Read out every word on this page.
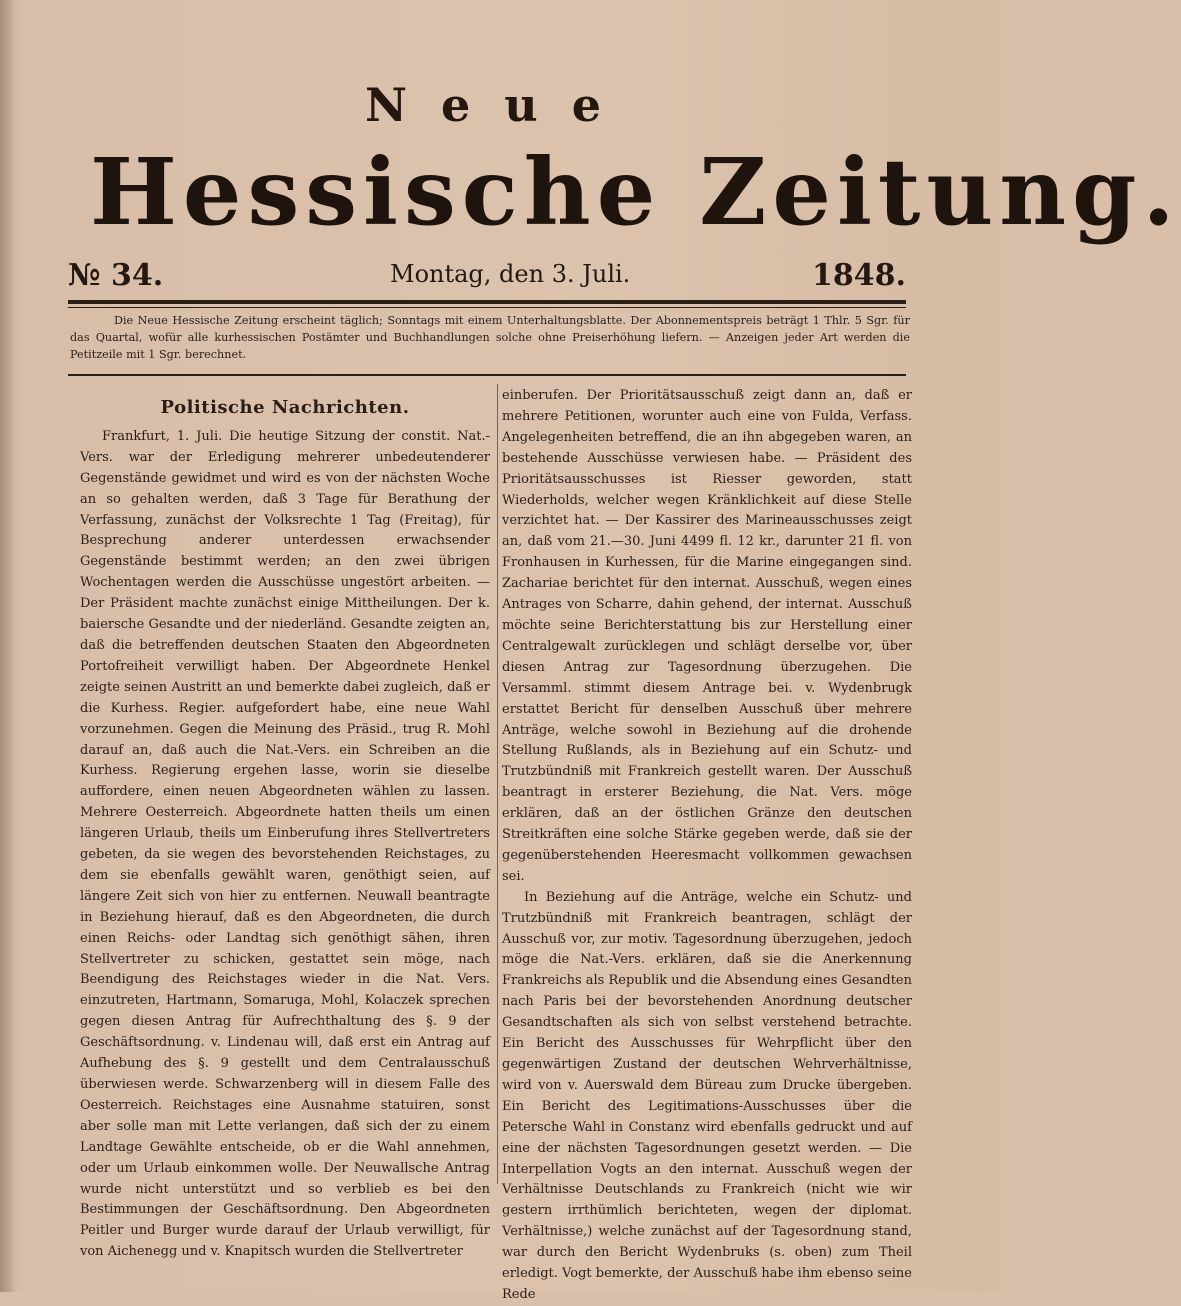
Neue
Hessische Zeitung.
№ 34.	Montag, den 3. Juli.	1848.

Die Neue Hessische Zeitung erscheint täglich; Sonntags mit einem Unterhaltungsblatte. Der Abonnementspreis beträgt 1 Thlr. 5 Sgr. für das Quartal, wofür alle kurhessischen Postämter und Buchhandlungen solche ohne Preiserhöhung liefern. — Anzeigen jeder Art werden die Petitzeile mit 1 Sgr. berechnet.

Politische Nachrichten.

Frankfurt, 1. Juli. Die heutige Sitzung der constit. Nat.-Vers. war der Erledigung mehrerer unbedeutenderer Gegenstände gewidmet und wird es von der nächsten Woche an so gehalten werden, daß 3 Tage für Berathung der Verfassung, zunächst der Volksrechte 1 Tag (Freitag), für Besprechung anderer unterdessen erwachsender Gegenstände bestimmt werden; an den zwei übrigen Wochentagen werden die Ausschüsse ungestört arbeiten. — Der Präsident machte zunächst einige Mittheilungen. Der k. baiersche Gesandte und der niederländ. Gesandte zeigten an, daß die betreffenden deutschen Staaten den Abgeordneten Portofreiheit verwilligt haben. Der Abgeordnete Henkel zeigte seinen Austritt an und bemerkte dabei zugleich, daß er die Kurhess. Regier. aufgefordert habe, eine neue Wahl vorzunehmen. Gegen die Meinung des Präsid., trug R. Mohl darauf an, daß auch die Nat.-Vers. ein Schreiben an die Kurhess. Regierung ergehen lasse, worin sie dieselbe auffordere, einen neuen Abgeordneten wählen zu lassen. Mehrere Oesterreich. Abgeordnete hatten theils um einen längeren Urlaub, theils um Einberufung ihres Stellvertreters gebeten, da sie wegen des bevorstehenden Reichstages, zu dem sie ebenfalls gewählt waren, genöthigt seien, auf längere Zeit sich von hier zu entfernen. Neuwall beantragte in Beziehung hierauf, daß es den Abgeordneten, die durch einen Reichs- oder Landtag sich genöthigt sähen, ihren Stellvertreter zu schicken, gestattet sein möge, nach Beendigung des Reichstages wieder in die Nat. Vers. einzutreten, Hartmann, Somaruga, Mohl, Kolaczek sprechen gegen diesen Antrag für Aufrechthaltung des §. 9 der Geschäftsordnung. v. Lindenau will, daß erst ein Antrag auf Aufhebung des §. 9 gestellt und dem Centralausschuß überwiesen werde. Schwarzenberg will in diesem Falle des Oesterreich. Reichstages eine Ausnahme statuiren, sonst aber solle man mit Lette verlangen, daß sich der zu einem Landtage Gewählte entscheide, ob er die Wahl annehmen, oder um Urlaub einkommen wolle. Der Neuwallsche Antrag wurde nicht unterstützt und so verblieb es bei den Bestimmungen der Geschäftsordnung. Den Abgeordneten Peitler und Burger wurde darauf der Urlaub verwilligt, für von Aichenegg und v. Knapitsch wurden die Stellvertreter

einberufen. Der Prioritätsausschuß zeigt dann an, daß er mehrere Petitionen, worunter auch eine von Fulda, Verfass. Angelegenheiten betreffend, die an ihn abgegeben waren, an bestehende Ausschüsse verwiesen habe. — Präsident des Prioritätsausschusses ist Riesser geworden, statt Wiederholds, welcher wegen Kränklichkeit auf diese Stelle verzichtet hat. — Der Kassirer des Marineausschusses zeigt an, daß vom 21.—30. Juni 4499 fl. 12 kr., darunter 21 fl. von Fronhausen in Kurhessen, für die Marine eingegangen sind. Zachariae berichtet für den internat. Ausschuß, wegen eines Antrages von Scharre, dahin gehend, der internat. Ausschuß möchte seine Berichterstattung bis zur Herstellung einer Centralgewalt zurücklegen und schlägt derselbe vor, über diesen Antrag zur Tagesordnung überzugehen. Die Versamml. stimmt diesem Antrage bei. v. Wydenbrugk erstattet Bericht für denselben Ausschuß über mehrere Anträge, welche sowohl in Beziehung auf die drohende Stellung Rußlands, als in Beziehung auf ein Schutz- und Trutzbündniß mit Frankreich gestellt waren. Der Ausschuß beantragt in ersterer Beziehung, die Nat. Vers. möge erklären, daß an der östlichen Gränze den deutschen Streitkräften eine solche Stärke gegeben werde, daß sie der gegenüberstehenden Heeresmacht vollkommen gewachsen sei.

In Beziehung auf die Anträge, welche ein Schutz- und Trutzbündniß mit Frankreich beantragen, schlägt der Ausschuß vor, zur motiv. Tagesordnung überzugehen, jedoch möge die Nat.-Vers. erklären, daß sie die Anerkennung Frankreichs als Republik und die Absendung eines Gesandten nach Paris bei der bevorstehenden Anordnung deutscher Gesandtschaften als sich von selbst verstehend betrachte. Ein Bericht des Ausschusses für Wehrpflicht über den gegenwärtigen Zustand der deutschen Wehrverhältnisse, wird von v. Auerswald dem Büreau zum Drucke übergeben. Ein Bericht des Legitimations-Ausschusses über die Petersche Wahl in Constanz wird ebenfalls gedruckt und auf eine der nächsten Tagesordnungen gesetzt werden. — Die Interpellation Vogts an den internat. Ausschuß wegen der Verhältnisse Deutschlands zu Frankreich (nicht wie wir gestern irrthümlich berichteten, wegen der diplomat. Verhältnisse,) welche zunächst auf der Tagesordnung stand, war durch den Bericht Wydenbruks (s. oben) zum Theil erledigt. Vogt bemerkte, der Ausschuß habe ihm ebenso seine Rede
